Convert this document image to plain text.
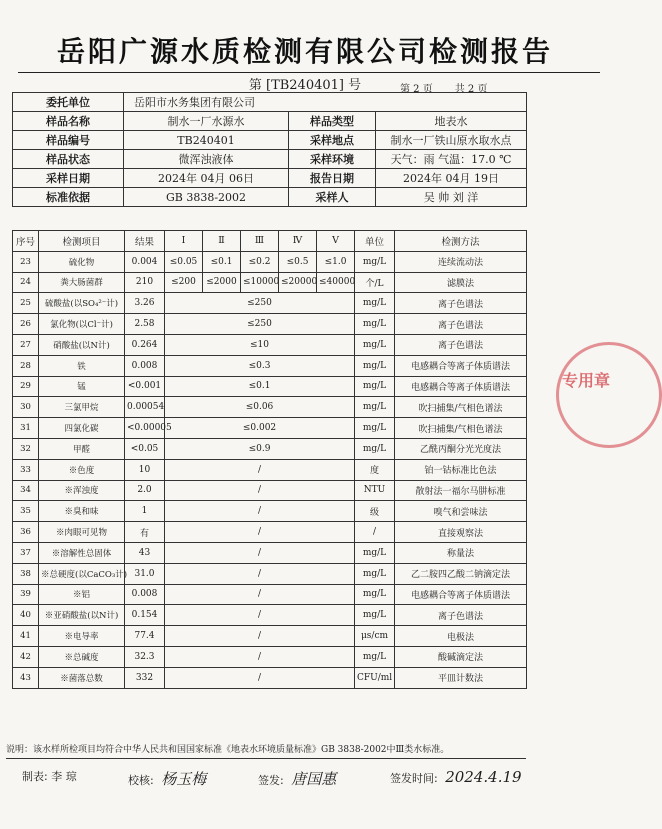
岳阳广源水质检测有限公司检测报告
第 [TB240401] 号	第 2 页 共 2 页
委托单位	岳阳市水务集团有限公司		
样品名称	制水一厂水源水	样品类型	地表水
样品编号	TB240401	采样地点	制水一厂铁山原水取水点
样品状态	微浑浊液体	采样环境	天气：雨 气温：17.0 ℃
采样日期	2024年 04月 06日	报告日期	2024年 04月 19日
标准依据	GB 3838-2002	采样人	吴 帅 刘 洋
序号	检测项目	结果	Ⅰ	Ⅱ	Ⅲ	Ⅳ	Ⅴ	单位	检测方法
23	硫化物	0.004	≤0.05	≤0.1	≤0.2	≤0.5	≤1.0	mg/L	连续流动法
24	粪大肠菌群	210	≤200	≤2000	≤10000	≤20000	≤40000	个/L	滤膜法
25	硫酸盐(以SO₄²⁻计)	3.26	≤250					mg/L	离子色谱法
26	氯化物(以Cl⁻计)	2.58	≤250					mg/L	离子色谱法
27	硝酸盐(以N计)	0.264	≤10					mg/L	离子色谱法
28	铁	0.008	≤0.3					mg/L	电感耦合等离子体质谱法
29	锰	<0.001	≤0.1					mg/L	电感耦合等离子体质谱法
30	三氯甲烷	0.00054	≤0.06					mg/L	吹扫捕集/气相色谱法
31	四氯化碳	<0.00005	≤0.002					mg/L	吹扫捕集/气相色谱法
32	甲醛	<0.05	≤0.9					mg/L	乙酰丙酮分光光度法
33	※色度	10	/					度	铂一钴标准比色法
34	※浑浊度	2.0	/					NTU	散射法一福尔马肼标准
35	※臭和味	1	/					级	嗅气和尝味法
36	※肉眼可见物	有	/					/	直接观察法
37	※溶解性总固体	43	/					mg/L	称量法
38	※总硬度(以CaCO₃计)	31.0	/					mg/L	乙二胺四乙酸二钠滴定法
39	※铝	0.008	/					mg/L	电感耦合等离子体质谱法
40	※亚硝酸盐(以N计)	0.154	/					mg/L	离子色谱法
41	※电导率	77.4	/					μs/cm	电极法
42	※总碱度	32.3	/					mg/L	酸碱滴定法
43	※菌落总数	332	/					CFU/ml	平皿计数法
说明：该水样所检项目均符合中华人民共和国国家标准《地表水环境质量标准》GB 3838-2002中Ⅲ类水标准。
制表: 李 琼	校核: 杨玉梅	签发: 唐国惠	签发时间: 2024.4.19
专用章
